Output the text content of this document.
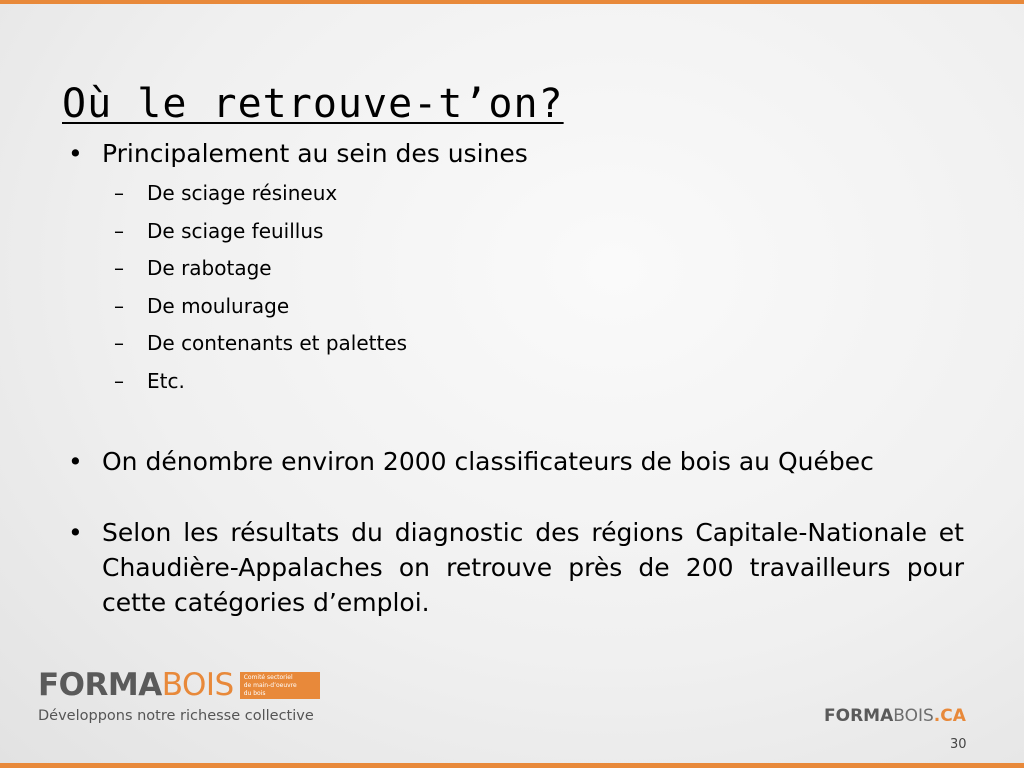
Où le retrouve-t’on?
• Principalement au sein des usines
– De sciage résineux
– De sciage feuillus
– De rabotage
– De moulurage
– De contenants et palettes
– Etc.
• On dénombre environ 2000 classificateurs de bois au Québec
• Selon les résultats du diagnostic des régions Capitale-Nationale et Chaudière-Appalaches on retrouve près de 200 travailleurs pour cette catégories d’emploi.
FORMABOIS	Comité sectoriel
de main-d’oeuvre
du bois
Développons notre richesse collective	FORMABOIS.CA
30
